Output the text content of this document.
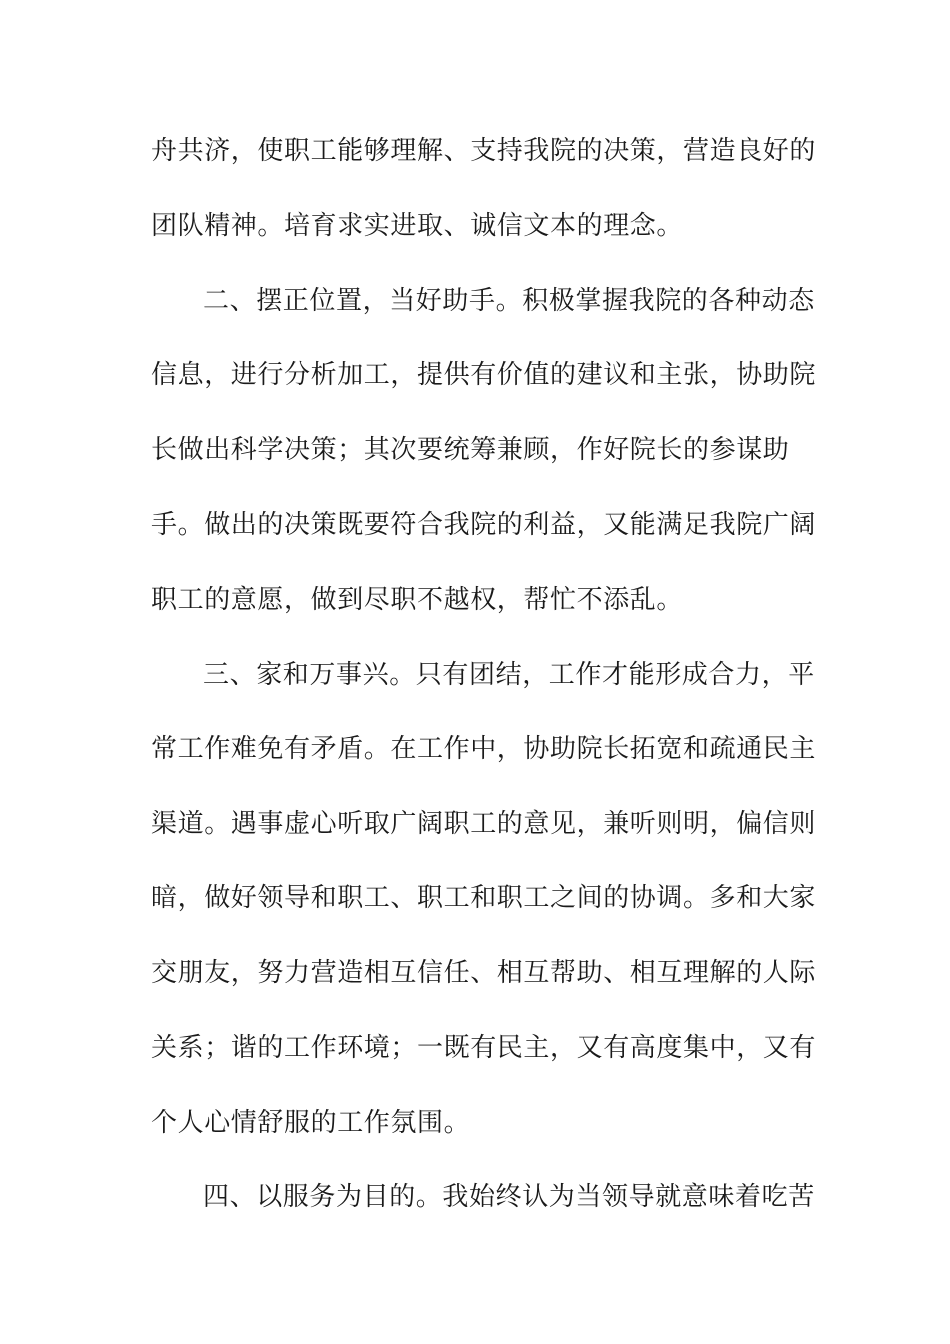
舟共济，使职工能够理解、支持我院的决策，营造良好的
团队精神。培育求实进取、诚信文本的理念。
二、摆正位置，当好助手。积极掌握我院的各种动态
信息，进行分析加工，提供有价值的建议和主张，协助院
长做出科学决策；其次要统筹兼顾，作好院长的参谋助
手。做出的决策既要符合我院的利益，又能满足我院广阔
职工的意愿，做到尽职不越权，帮忙不添乱。
三、家和万事兴。只有团结，工作才能形成合力，平
常工作难免有矛盾。在工作中，协助院长拓宽和疏通民主
渠道。遇事虚心听取广阔职工的意见，兼听则明，偏信则
暗，做好领导和职工、职工和职工之间的协调。多和大家
交朋友，努力营造相互信任、相互帮助、相互理解的人际
关系；谐的工作环境；一既有民主，又有高度集中，又有
个人心情舒服的工作氛围。
四、以服务为目的。我始终认为当领导就意味着吃苦
